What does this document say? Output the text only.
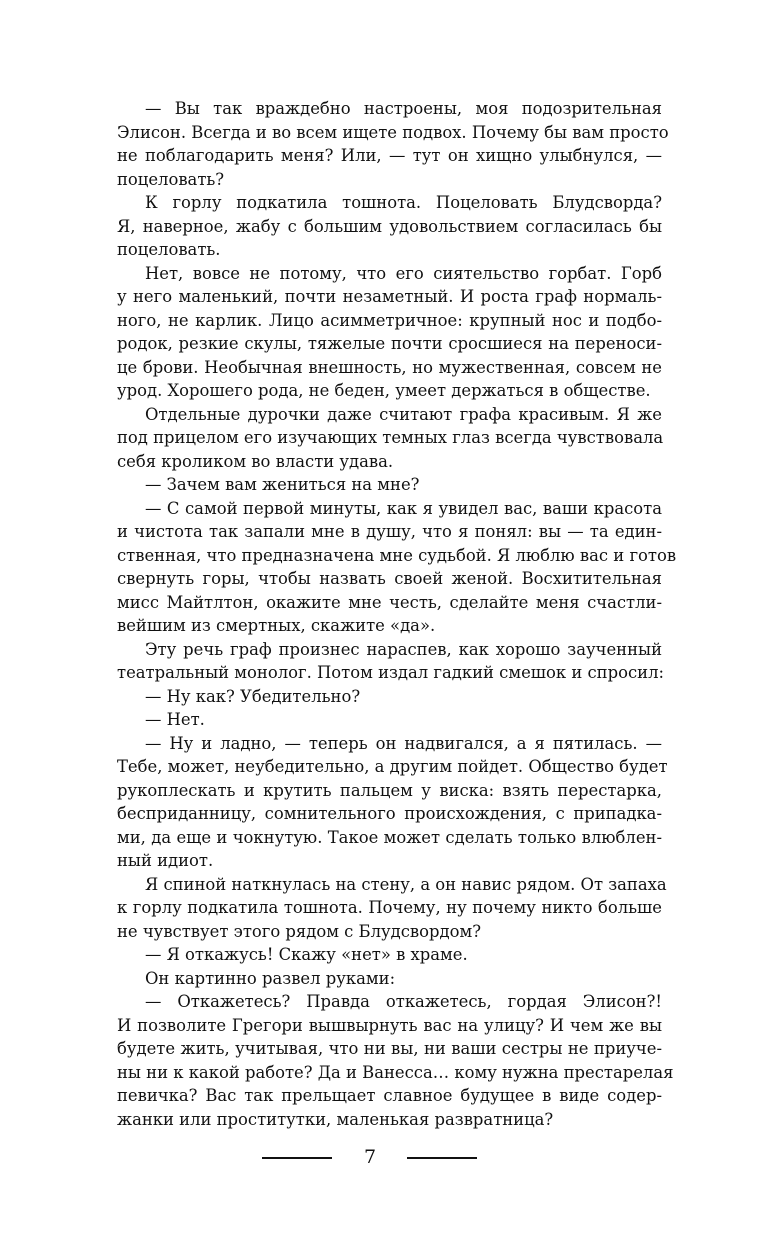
— Вы так враждебно настроены, моя подозрительная
Элисон. Всегда и во всем ищете подвох. Почему бы вам просто
не поблагодарить меня? Или, — тут он хищно улыбнулся, —
поцеловать?

К горлу подкатила тошнота. Поцеловать Блудсворда?
Я, наверное, жабу с большим удовольствием согласилась бы
поцеловать.

Нет, вовсе не потому, что его сиятельство горбат. Горб
у него маленький, почти незаметный. И роста граф нормаль-
ного, не карлик. Лицо асимметричное: крупный нос и подбо-
родок, резкие скулы, тяжелые почти сросшиеся на переноси-
це брови. Необычная внешность, но мужественная, совсем не
урод. Хорошего рода, не беден, умеет держаться в обществе.

Отдельные дурочки даже считают графа красивым. Я же
под прицелом его изучающих темных глаз всегда чувствовала
себя кроликом во власти удава.

— Зачем вам жениться на мне?

— С самой первой минуты, как я увидел вас, ваши красота
и чистота так запали мне в душу, что я понял: вы — та един-
ственная, что предназначена мне судьбой. Я люблю вас и готов
свернуть горы, чтобы назвать своей женой. Восхитительная
мисс Майтлтон, окажите мне честь, сделайте меня счастли-
вейшим из смертных, скажите «да».

Эту речь граф произнес нараспев, как хорошо заученный
театральный монолог. Потом издал гадкий смешок и спросил:

— Ну как? Убедительно?

— Нет.

— Ну и ладно, — теперь он надвигался, а я пятилась. —
Тебе, может, неубедительно, а другим пойдет. Общество будет
рукоплескать и крутить пальцем у виска: взять перестарка,
бесприданницу, сомнительного происхождения, с припадка-
ми, да еще и чокнутую. Такое может сделать только влюблен-
ный идиот.

Я спиной наткнулась на стену, а он навис рядом. От запаха
к горлу подкатила тошнота. Почему, ну почему никто больше
не чувствует этого рядом с Блудсвордом?

— Я откажусь! Скажу «нет» в храме.

Он картинно развел руками:

— Откажетесь? Правда откажетесь, гордая Элисон?!
И позволите Грегори вышвырнуть вас на улицу? И чем же вы
будете жить, учитывая, что ни вы, ни ваши сестры не приуче-
ны ни к какой работе? Да и Ванесса… кому нужна престарелая
певичка? Вас так прельщает славное будущее в виде содер-
жанки или проститутки, маленькая развратница?

7
